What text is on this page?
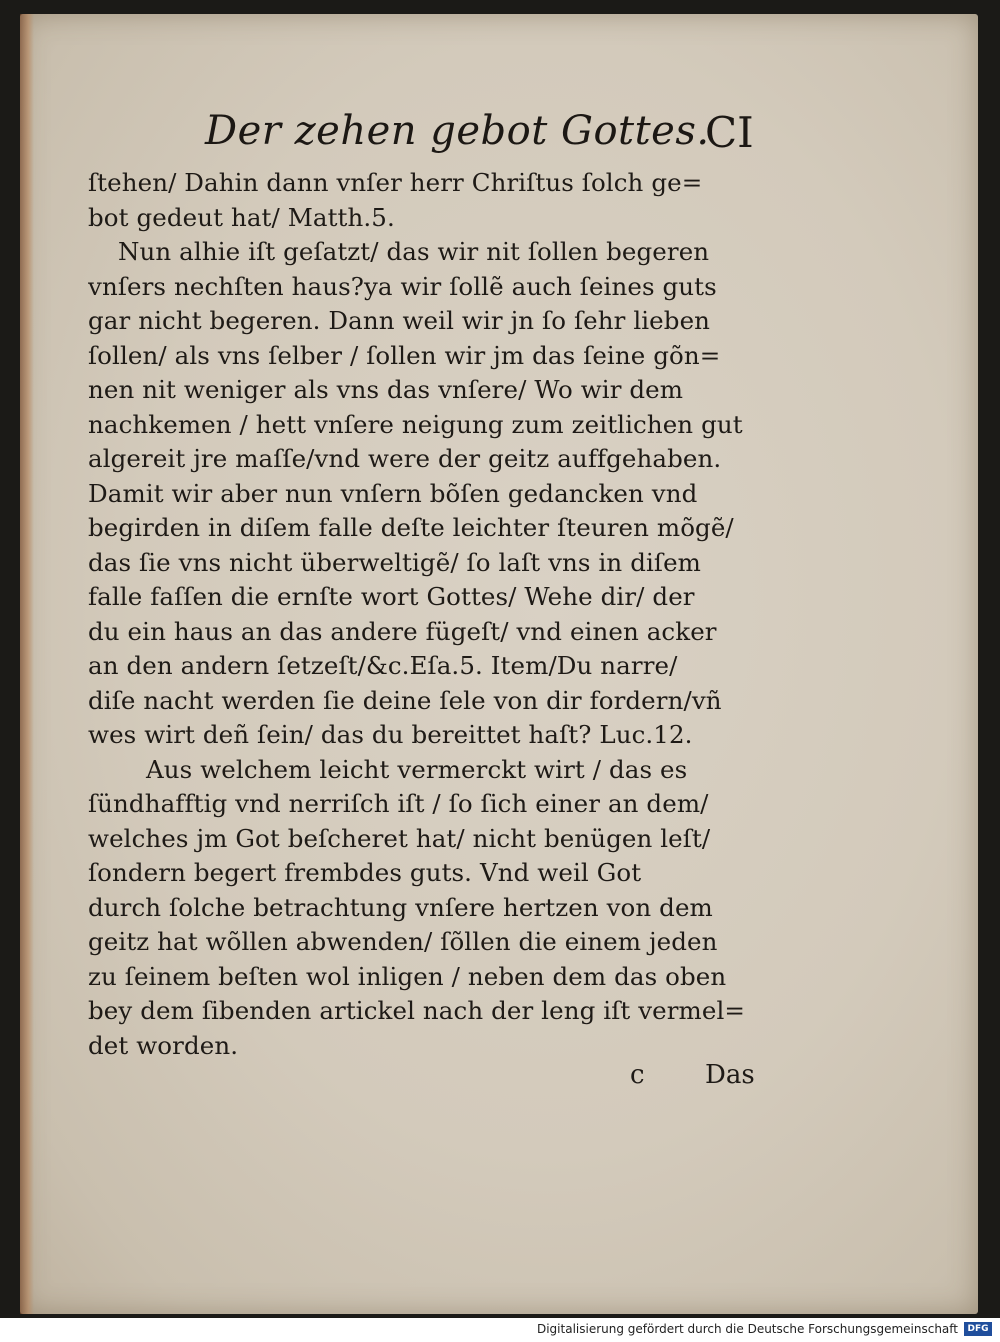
Der zehen gebot Gottes.
CI
ſtehen/ Dahin dann vnſer herr Chriſtus ſolch ge=
bot gedeut hat/ Matth.5.
Nun alhie iſt geſatzt/ das wir nit ſollen begeren
vnſers nechſten haus?ya wir ſollẽ auch ſeines guts
gar nicht begeren. Dann weil wir jn ſo ſehr lieben
ſollen/ als vns ſelber / ſollen wir jm das ſeine gõn=
nen nit weniger als vns das vnſere/ Wo wir dem
nachkemen / hett vnſere neigung zum zeitlichen gut
algereit jre maſſe/vnd were der geitz auffgehaben.
Damit wir aber nun vnſern bõſen gedancken vnd
begirden in diſem falle deſte leichter ſteuren mõgẽ/
das ſie vns nicht überweltigẽ/ ſo laſt vns in diſem
falle faſſen die ernſte wort Gottes/ Wehe dir/ der
du ein haus an das andere fügeſt/ vnd einen acker
an den andern ſetzeſt/&c.Eſa.5. Item/Du narre/
diſe nacht werden ſie deine ſele von dir fordern/vñ
wes wirt deñ ſein/ das du bereittet haſt? Luc.12.
Aus welchem leicht vermerckt wirt / das es
ſündhafftig vnd nerriſch iſt / ſo ſich einer an dem/
welches jm Got beſcheret hat/ nicht benügen leſt/
ſondern begert frembdes guts. Vnd weil Got
durch ſolche betrachtung vnſere hertzen von dem
geitz hat wõllen abwenden/ ſõllen die einem jeden
zu ſeinem beſten wol inligen / neben dem das oben
bey dem ſibenden artickel nach der leng iſt vermel=
det worden.
c Das
Digitalisierung gefördert durch die Deutsche Forschungsgemeinschaft	DFG
